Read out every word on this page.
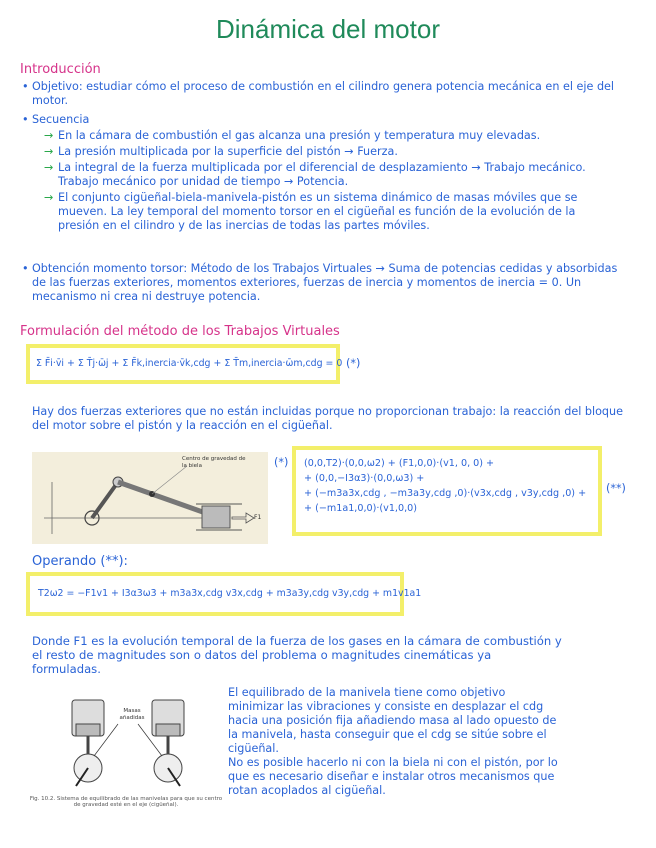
Dinámica del motor
Introducción
• Objetivo: estudiar cómo el proceso de combustión en el cilindro genera potencia mecánica en el eje del motor.
• Secuencia
→ En la cámara de combustión el gas alcanza una presión y temperatura muy elevadas.
→ La presión multiplicada por la superficie del pistón → Fuerza.
→ La integral de la fuerza multiplicada por el diferencial de desplazamiento → Trabajo mecánico. Trabajo mecánico por unidad de tiempo → Potencia.
→ El conjunto cigüeñal-biela-manivela-pistón es un sistema dinámico de masas móviles que se mueven. La ley temporal del momento torsor en el cigüeñal es función de la evolución de la presión en el cilindro y de las inercias de todas las partes móviles.
• Obtención momento torsor: Método de los Trabajos Virtuales → Suma de potencias cedidas y absorbidas de las fuerzas exteriores, momentos exteriores, fuerzas de inercia y momentos de inercia = 0. Un mecanismo ni crea ni destruye potencia.
Formulación del método de los Trabajos Virtuales
Σ F̄i·v̄i + Σ T̄j·ω̄j + Σ F̄k,inercia·v̄k,cdg + Σ T̄m,inercia·ω̄m,cdg = 0 (*)
Hay dos fuerzas exteriores que no están incluidas porque no proporcionan trabajo: la reacción del bloque del motor sobre el pistón y la reacción en el cigüeñal.
Centro de gravedad de la biela
F1
(*) (0,0,T2)·(0,0,ω2) + (F1,0,0)·(v1, 0, 0) +
+ (0,0,−I3α3)·(0,0,ω3) +
+ (−m3a3x,cdg , −m3a3y,cdg ,0)·(v3x,cdg , v3y,cdg ,0) +
+ (−m1a1,0,0)·(v1,0,0)
(**)
Operando (**):
T2ω2 = −F1v1 + I3α3ω3 + m3a3x,cdg v3x,cdg + m3a3y,cdg v3y,cdg + m1v1a1
Donde F1 es la evolución temporal de la fuerza de los gases en la cámara de combustión y el resto de magnitudes son o datos del problema o magnitudes cinemáticas ya formuladas.
Masas añadidas
Fig. 10.2. Sistema de equilibrado de las manivelas para que su centro de gravedad esté en el eje (cigüeñal).
El equilibrado de la manivela tiene como objetivo minimizar las vibraciones y consiste en desplazar el cdg hacia una posición fija añadiendo masa al lado opuesto de la manivela, hasta conseguir que el cdg se sitúe sobre el cigüeñal.
No es posible hacerlo ni con la biela ni con el pistón, por lo que es necesario diseñar e instalar otros mecanismos que rotan acoplados al cigüeñal.
